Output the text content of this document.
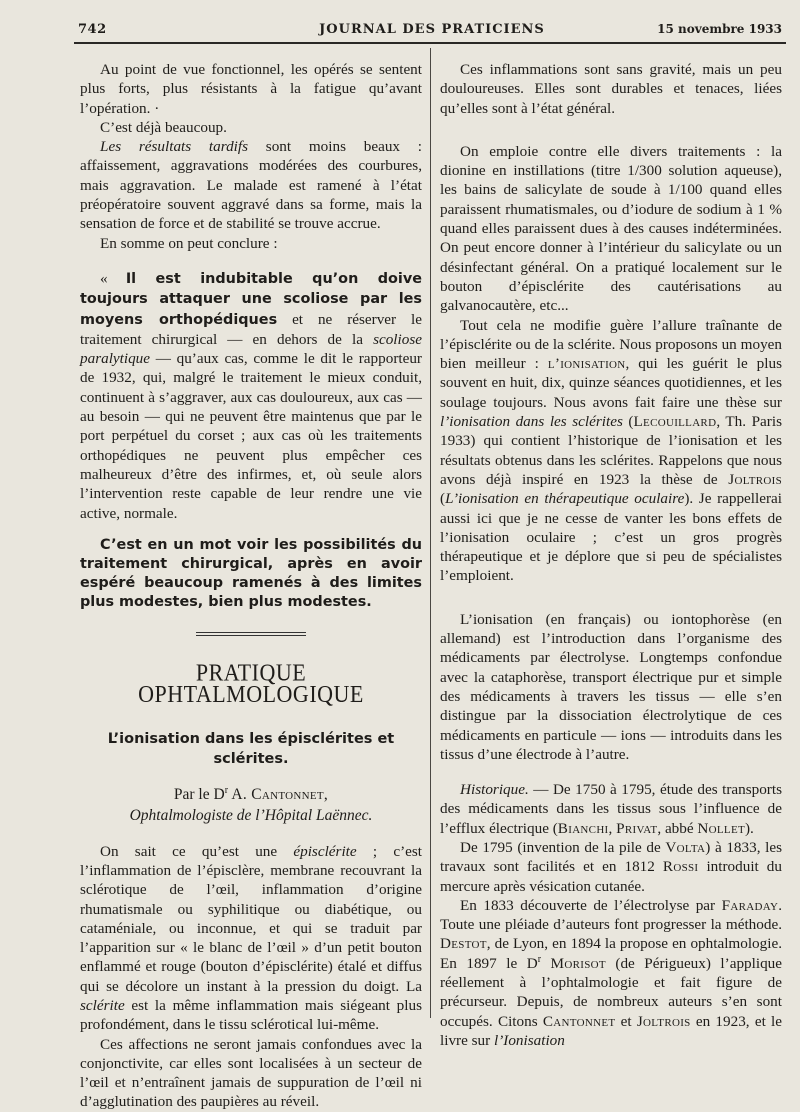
742	JOURNAL DES PRATICIENS	15 novembre 1933

Au point de vue fonctionnel, les opérés se sentent plus forts, plus résistants à la fatigue qu’avant l’opération. ·

C’est déjà beaucoup.

Les résultats tardifs sont moins beaux : affaissement, aggravations modérées des courbures, mais aggravation. Le malade est ramené à l’état préopératoire souvent aggravé dans sa forme, mais la sensation de force et de stabilité se trouve accrue.

En somme on peut conclure :

« Il est indubitable qu’on doive toujours attaquer une scoliose par les moyens orthopédiques et ne réserver le traitement chirurgical — en dehors de la scoliose paralytique — qu’aux cas, comme le dit le rapporteur de 1932, qui, malgré le traitement le mieux conduit, continuent à s’aggraver, aux cas douloureux, aux cas — au besoin — qui ne peuvent être maintenus que par le port perpétuel du corset ; aux cas où les traitements orthopédiques ne peuvent plus empêcher ces malheureux d’être des infirmes, et, où seule alors l’intervention reste capable de leur rendre une vie active, normale.

C’est en un mot voir les possibilités du traitement chirurgical, après en avoir espéré beaucoup ramenés à des limites plus modestes, bien plus modestes.

PRATIQUE OPHTALMOLOGIQUE
L’ionisation dans les épisclérites et sclérites.
Par le $D^r$ A. Cantonnet,
Ophtalmologiste de l’Hôpital Laënnec.

On sait ce qu’est une épisclérite ; c’est l’inflammation de l’épisclère, membrane recouvrant la sclérotique de l’œil, inflammation d’origine rhumatismale ou syphilitique ou diabétique, ou cataméniale, ou inconnue, et qui se traduit par l’apparition sur « le blanc de l’œil » d’un petit bouton enflammé et rouge (bouton d’épisclérite) étalé et diffus qui se décolore un instant à la pression du doigt. La sclérite est la même inflammation mais siégeant plus profondément, dans le tissu sclérotical lui-même.

Ces affections ne seront jamais confondues avec la conjonctivite, car elles sont localisées à un secteur de l’œil et n’entraînent jamais de suppuration de l’œil ni d’agglutination des paupières au réveil.

Ces inflammations sont sans gravité, mais un peu douloureuses. Elles sont durables et tenaces, liées qu’elles sont à l’état général.

On emploie contre elle divers traitements : la dionine en instillations (titre 1/300 solution aqueuse), les bains de salicylate de soude à 1/100 quand elles paraissent rhumatismales, ou d’iodure de sodium à 1 % quand elles paraissent dues à des causes indéterminées. On peut encore donner à l’intérieur du salicylate ou un désinfectant général. On a pratiqué localement sur le bouton d’épisclérite des cautérisations au galvanocautère, etc...

Tout cela ne modifie guère l’allure traînante de l’épisclérite ou de la sclérite. Nous proposons un moyen bien meilleur : l’ionisation, qui les guérit le plus souvent en huit, dix, quinze séances quotidiennes, et les soulage toujours. Nous avons fait faire une thèse sur l’ionisation dans les sclérites (Lecouillard, Th. Paris 1933) qui contient l’historique de l’ionisation et les résultats obtenus dans les sclérites. Rappelons que nous avons déjà inspiré en 1923 la thèse de Joltrois (L’ionisation en thérapeutique oculaire). Je rappellerai aussi ici que je ne cesse de vanter les bons effets de l’ionisation oculaire ; c’est un gros progrès thérapeutique et je déplore que si peu de spécialistes l’emploient.

L’ionisation (en français) ou iontophorèse (en allemand) est l’introduction dans l’organisme des médicaments par électrolyse. Longtemps confondue avec la cataphorèse, transport électrique pur et simple des médicaments à travers les tissus — elle s’en distingue par la dissociation électrolytique de ces médicaments en particule — ions — introduits dans les tissus d’une électrode à l’autre.

Historique. — De 1750 à 1795, étude des transports des médicaments dans les tissus sous l’influence de l’efflux électrique (Bianchi, Privat, abbé Nollet).

De 1795 (invention de la pile de Volta) à 1833, les travaux sont facilités et en 1812 Rossi introduit du mercure après vésication cutanée.

En 1833 découverte de l’électrolyse par Faraday. Toute une pléiade d’auteurs font progresser la méthode. Destot, de Lyon, en 1894 la propose en ophtalmologie. En 1897 le $D^r$ Morisot (de Périgueux) l’applique réellement à l’ophtalmologie et fait figure de précurseur. Depuis, de nombreux auteurs s’en sont occupés. Citons Cantonnet et Joltrois en 1923, et le livre sur l’Ionisation
